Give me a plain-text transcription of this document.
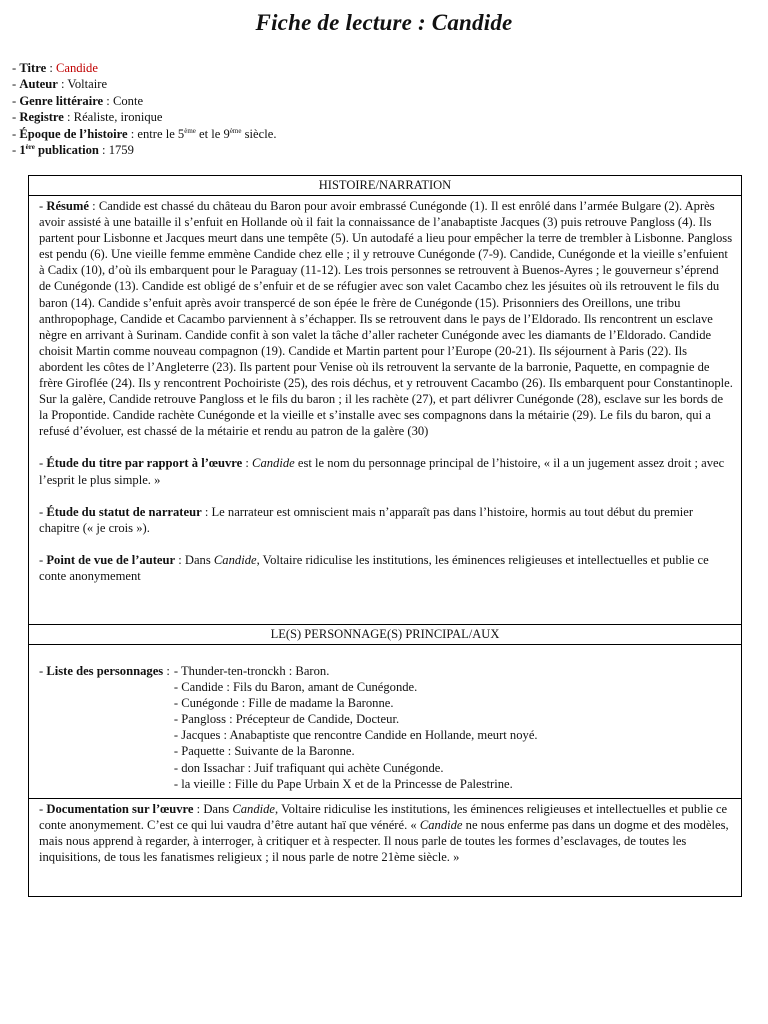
Fiche de lecture : Candide
- Titre : Candide
- Auteur : Voltaire
- Genre littéraire : Conte
- Registre : Réaliste, ironique
- Époque de l’histoire : entre le 5ème et le 9ème siècle.
- 1ère publication : 1759
HISTOIRE/NARRATION

- Résumé : Candide est chassé du château du Baron pour avoir embrassé Cunégonde (1). Il est enrôlé dans l’armée Bulgare (2). Après avoir assisté à une bataille il s’enfuit en Hollande où il fait la connaissance de l’anabaptiste Jacques (3) puis retrouve Pangloss (4). Ils partent pour Lisbonne et Jacques meurt dans une tempête (5). Un autodafé a lieu pour empêcher la terre de trembler à Lisbonne. Pangloss est pendu (6). Une vieille femme emmène Candide chez elle ; il y retrouve Cunégonde (7-9). Candide, Cunégonde et la vieille s’enfuient à Cadix (10), d’où ils embarquent pour le Paraguay (11-12). Les trois personnes se retrouvent à Buenos-Ayres ; le gouverneur s’éprend de Cunégonde (13). Candide est obligé de s’enfuir et de se réfugier avec son valet Cacambo chez les jésuites où ils retrouvent le fils du baron (14). Candide s’enfuit après avoir transpercé de son épée le frère de Cunégonde (15). Prisonniers des Oreillons, une tribu anthropophage, Candide et Cacambo parviennent à s’échapper. Ils se retrouvent dans le pays de l’Eldorado. Ils rencontrent un esclave nègre en arrivant à Surinam. Candide confit à son valet la tâche d’aller racheter Cunégonde avec les diamants de l’Eldorado. Candide choisit Martin comme nouveau compagnon (19). Candide et Martin partent pour l’Europe (20-21). Ils séjournent à Paris (22). Ils abordent les côtes de l’Angleterre (23). Ils partent pour Venise où ils retrouvent la servante de la barronie, Paquette, en compagnie de frère Giroflée (24). Ils y rencontrent Pochoiriste (25), des rois déchus, et y retrouvent Cacambo (26). Ils embarquent pour Constantinople. Sur la galère, Candide retrouve Pangloss et le fils du baron ; il les rachète (27), et part délivrer Cunégonde (28), esclave sur les bords de la Propontide. Candide rachète Cunégonde et la vieille et s’installe avec ses compagnons dans la métairie (29). Le fils du baron, qui a refusé d’évoluer, est chassé de la métairie et rendu au patron de la galère (30)

- Étude du titre par rapport à l’œuvre : Candide est le nom du personnage principal de l’histoire, « il a un jugement assez droit ; avec l’esprit le plus simple. »

- Étude du statut de narrateur : Le narrateur est omniscient mais n’apparaît pas dans l’histoire, hormis au tout début du premier chapitre (« je crois »).

- Point de vue de l’auteur : Dans Candide, Voltaire ridiculise les institutions, les éminences religieuses et intellectuelles et publie ce conte anonymement

LE(S) PERSONNAGE(S) PRINCIPAL/AUX
- Liste des personnages :	- Thunder-ten-tronckh : Baron.
- Candide : Fils du Baron, amant de Cunégonde.
- Cunégonde : Fille de madame la Baronne.
- Pangloss : Précepteur de Candide, Docteur.
- Jacques : Anabaptiste que rencontre Candide en Hollande, meurt noyé.
- Paquette : Suivante de la Baronne.
- don Issachar : Juif trafiquant qui achète Cunégonde.
- la vieille : Fille du Pape Urbain X et de la Princesse de Palestrine.

- Documentation sur l’œuvre : Dans Candide, Voltaire ridiculise les institutions, les éminences religieuses et intellectuelles et publie ce conte anonymement. C’est ce qui lui vaudra d’être autant haï que vénéré. « Candide ne nous enferme pas dans un dogme et des modèles, mais nous apprend à regarder, à interroger, à critiquer et à respecter. Il nous parle de toutes les formes d’esclavages, de toutes les inquisitions, de tous les fanatismes religieux ; il nous parle de notre 21ème siècle. »
